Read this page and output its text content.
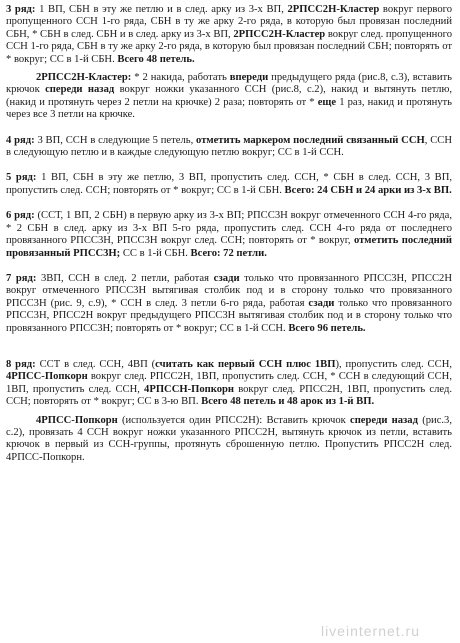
3 ряд: 1 ВП, СБН в эту же петлю и в след. арку из 3-х ВП, 2РПСС2Н-Кластер вокруг первого пропущенного ССН 1-го ряда, СБН в ту же арку 2-го ряда, в которую был провязан последний СБН, * СБН в след. СБН и в след. арку из 3-х ВП, 2РПСС2Н-Кластер вокруг след. пропущенного ССН 1-го ряда, СБН в ту же арку 2-го ряда, в которую был провязан последний СБН; повторять от * вокруг; СС в 1-й СБН. Всего 48 петель.

2РПСС2Н-Кластер: * 2 накида, работать впереди предыдущего ряда (рис.8, с.3), вставить крючок спереди назад вокруг ножки указанного ССН (рис.8, с.2), накид и вытянуть петлю, (накид и протянуть через 2 петли на крючке) 2 раза; повторять от * еще 1 раз, накид и протянуть через все 3 петли на крючке.

4 ряд: 3 ВП, ССН в следующие 5 петель, отметить маркером последний связанный ССН, ССН в следующую петлю и в каждые следующую петлю вокруг; СС в 1-й ССН.

5 ряд: 1 ВП, СБН в эту же петлю, 3 ВП, пропустить след. ССН, * СБН в след. ССН, 3 ВП, пропустить след. ССН; повторять от * вокруг; СС в 1-й СБН. Всего: 24 СБН и 24 арки из 3-х ВП.

6 ряд: (ССТ, 1 ВП, 2 СБН) в первую арку из 3-х ВП; РПСС3Н вокруг отмеченного ССН 4-го ряда, * 2 СБН в след. арку из 3-х ВП 5-го ряда, пропустить след. ССН 4-го ряда от последнего провязанного РПСС3Н, РПСС3Н вокруг след. ССН; повторять от * вокруг, отметить последний провязанный РПСС3Н; СС в 1-й СБН. Всего: 72 петли.

7 ряд: 3ВП, ССН в след. 2 петли, работая сзади только что провязанного РПСС3Н, РПСС2Н вокруг отмеченного РПСС3Н вытягивая столбик под и в сторону только что провязанного РПСС3Н (рис. 9, с.9), * ССН в след. 3 петли 6-го ряда, работая сзади только что провязанного РПСС3Н, РПСС2Н вокруг предыдущего РПСС3Н вытягивая столбик под и в сторону только что провязанного РПСС3Н; повторять от * вокруг; СС в 1-й ССН. Всего 96 петель.

8 ряд: ССТ в след. ССН, 4ВП (считать как первый ССН плюс 1ВП), пропустить след. ССН, 4РПСС-Попкорн вокруг след. РПСС2Н, 1ВП, пропустить след. ССН, * ССН в следующий ССН, 1ВП, пропустить след. ССН, 4РПССН-Попкорн вокруг след. РПСС2Н, 1ВП, пропустить след. ССН; повторять от * вокруг; СС в 3-ю ВП. Всего 48 петель и 48 арок из 1-й ВП.

4РПСС-Попкорн (используется один РПСС2Н): Вставить крючок спереди назад (рис.3, с.2), провязать 4 ССН вокруг ножки указанного РПСС2Н, вытянуть крючок из петли, вставить крючок в первый из ССН-группы, протянуть сброшенную петлю. Пропустить РПСС2Н след. 4РПСС-Попкорн.

liveinternet.ru
